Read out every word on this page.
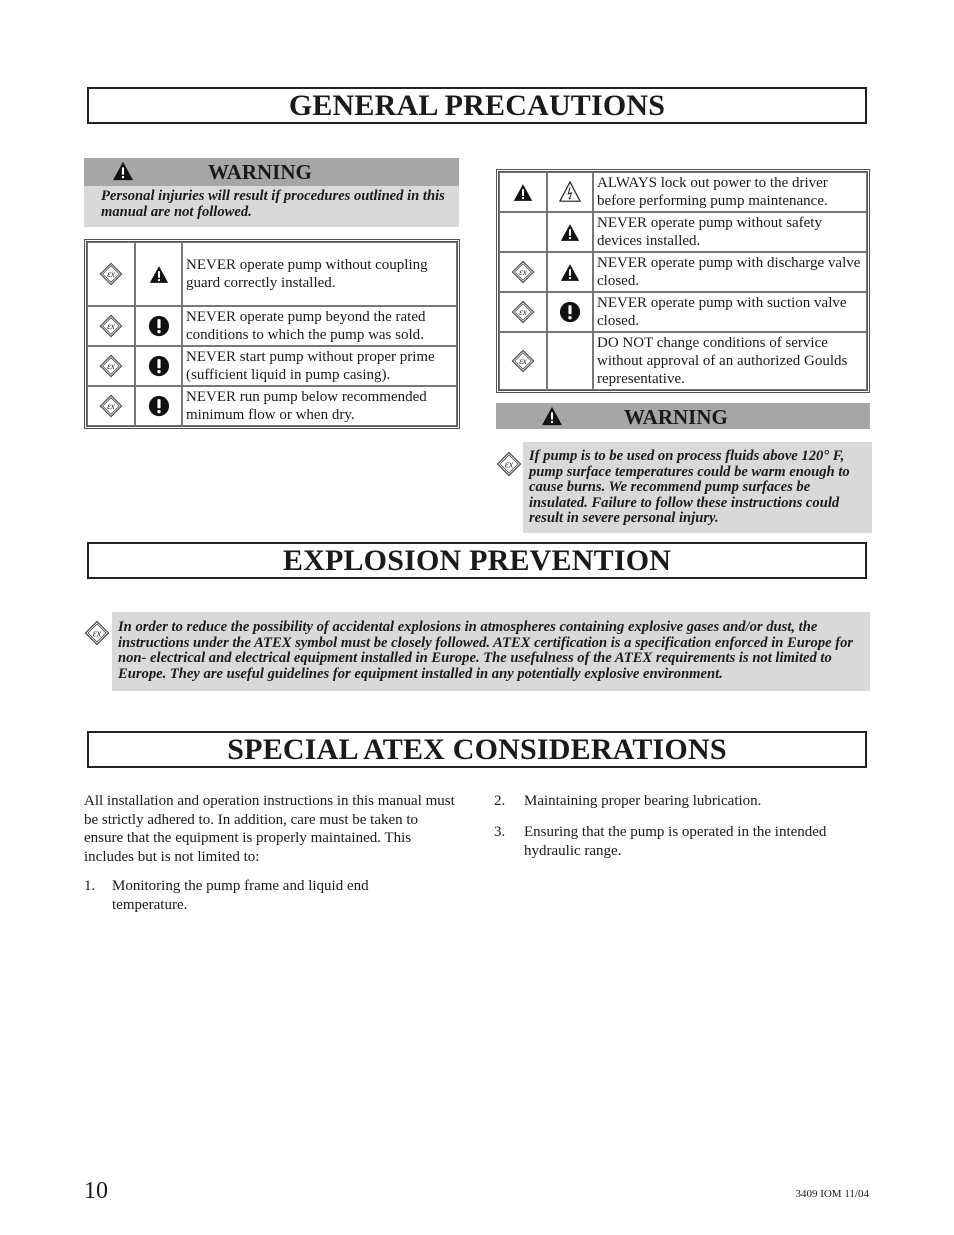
GENERAL PRECAUTIONS
WARNING
Personal injuries will result if procedures outlined in this manual are not followed.

	NEVER operate pump without coupling guard correctly installed.

	NEVER operate pump beyond the rated conditions to which the pump was sold.

	NEVER start pump without proper prime (sufficient liquid in pump casing).

	NEVER run pump below recommended minimum flow or when dry.

	ALWAYS lock out power to the driver before performing pump maintenance.

	NEVER operate pump without safety devices installed.

	NEVER operate pump with discharge valve closed.

	NEVER operate pump with suction valve closed.

		DO NOT change conditions of service without approval of an authorized Goulds representative.
WARNING
If pump is to be used on process fluids above 120° F, pump surface temperatures could be warm enough to cause burns. We recommend pump surfaces be insulated. Failure to follow these instructions could result in severe personal injury.
EXPLOSION PREVENTION
In order to reduce the possibility of accidental explosions in atmospheres containing explosive gases and/or dust, the instructions under the ATEX symbol must be closely followed. ATEX certification is a specification enforced in Europe for non- electrical and electrical equipment installed in Europe. The usefulness of the ATEX requirements is not limited to Europe. They are useful guidelines for equipment installed in any potentially explosive environment.
SPECIAL ATEX CONSIDERATIONS
All installation and operation instructions in this manual must be strictly adhered to. In addition, care must be taken to ensure that the equipment is properly maintained. This includes but is not limited to:
1. Monitoring the pump frame and liquid end temperature.
2. Maintaining proper bearing lubrication.
3. Ensuring that the pump is operated in the intended hydraulic range.
10	3409 IOM 11/04
